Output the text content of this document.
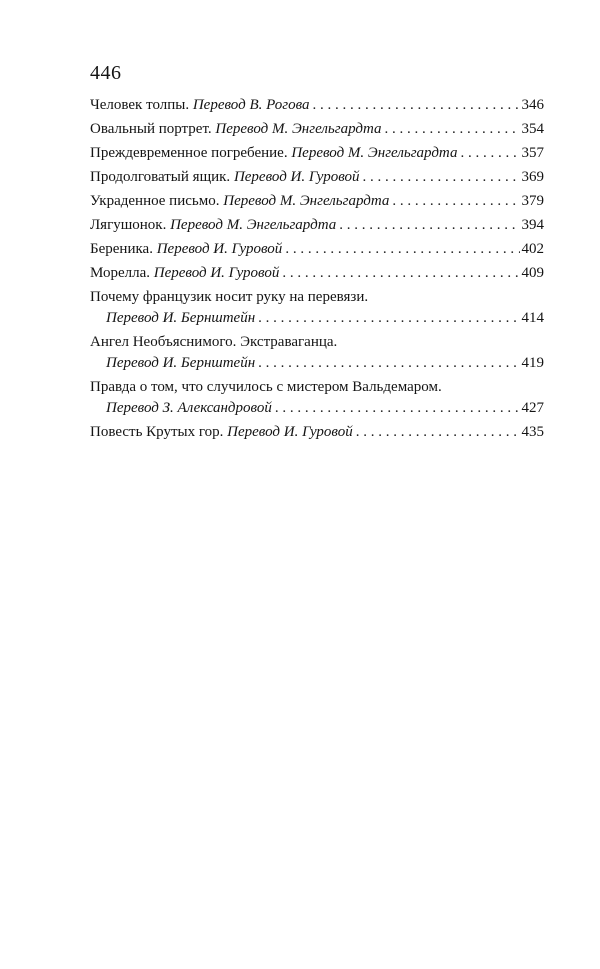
446
Человек толпы.
Перевод В. Рогова . . .	346
Овальный портрет.
Перевод М. Энгельгардта . . .	354
Преждевременное погребение.
Перевод М. Энгельгардта . . .	357
Продолговатый ящик.
Перевод И. Гуровой . . .	369
Украденное письмо.
Перевод М. Энгельгардта . . .	379
Лягушонок.
Перевод М. Энгельгардта . . .	394
Береника.
Перевод И. Гуровой . . .	402
Морелла.
Перевод И. Гуровой . . .	409
Почему французик носит руку на перевязи.
Перевод И. Бернштейн . . .	414
Ангел Необъяснимого. Экстраваганца.
Перевод И. Бернштейн . . .	419
Правда о том, что случилось с мистером Вальдемаром.
Перевод З. Александровой . . .	427
Повесть Крутых гор.
Перевод И. Гуровой . . .	435
